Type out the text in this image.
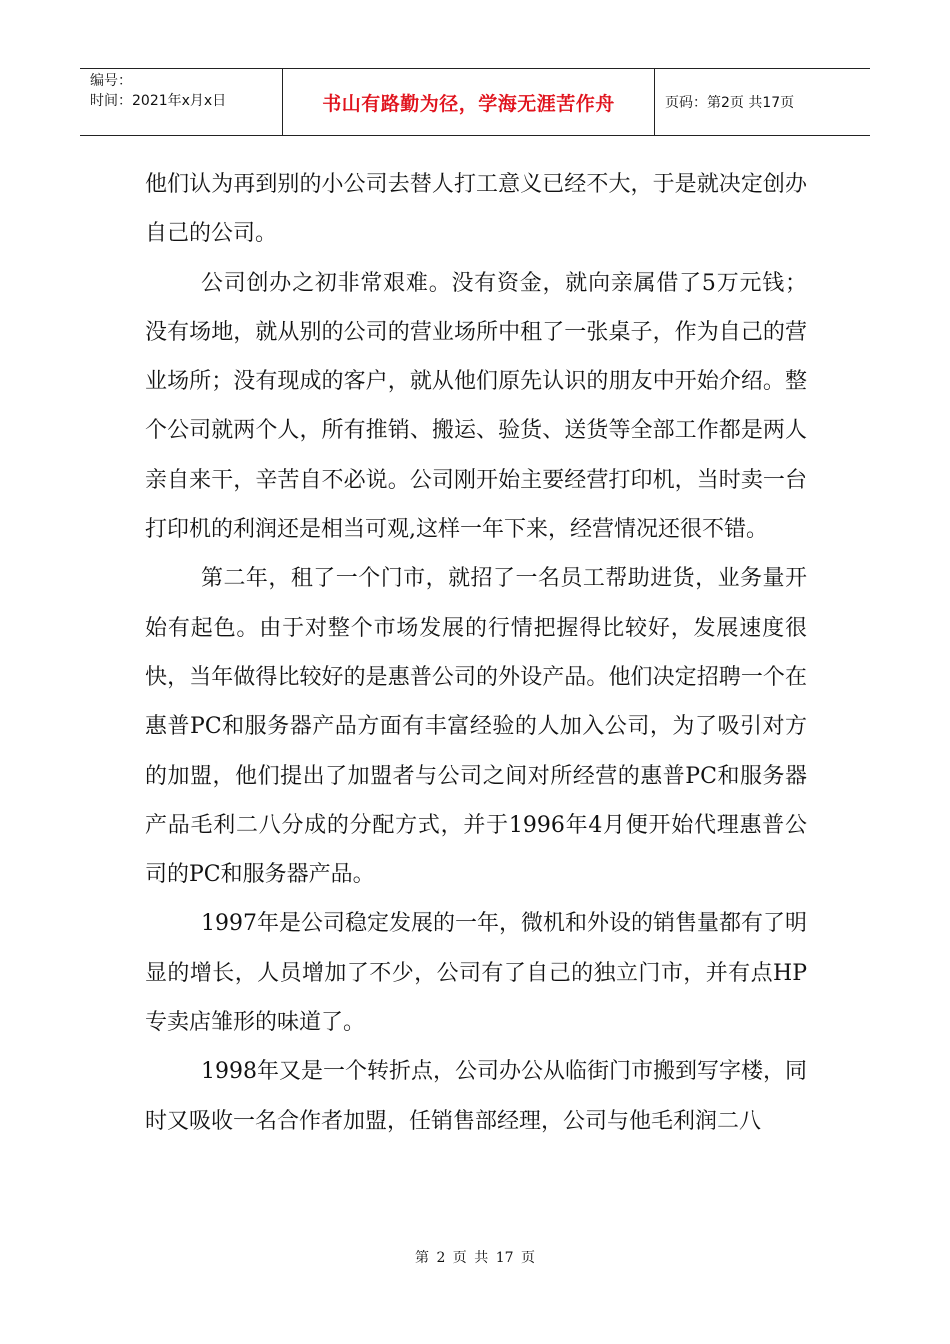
编号：
时间：2021年x月x日	书山有路勤为径，学海无涯苦作舟	页码：第2页 共17页

他们认为再到别的小公司去替人打工意义已经不大，于是就决定创办自己的公司。

公司创办之初非常艰难。没有资金，就向亲属借了5万元钱；没有场地，就从别的公司的营业场所中租了一张桌子，作为自己的营业场所；没有现成的客户，就从他们原先认识的朋友中开始介绍。整个公司就两个人，所有推销、搬运、验货、送货等全部工作都是两人亲自来干，辛苦自不必说。公司刚开始主要经营打印机，当时卖一台打印机的利润还是相当可观,这样一年下来，经营情况还很不错。

第二年，租了一个门市，就招了一名员工帮助进货，业务量开始有起色。由于对整个市场发展的行情把握得比较好，发展速度很快，当年做得比较好的是惠普公司的外设产品。他们决定招聘一个在惠普PC和服务器产品方面有丰富经验的人加入公司，为了吸引对方的加盟，他们提出了加盟者与公司之间对所经营的惠普PC和服务器产品毛利二八分成的分配方式，并于1996年4月便开始代理惠普公司的PC和服务器产品。

1997年是公司稳定发展的一年，微机和外设的销售量都有了明显的增长，人员增加了不少，公司有了自己的独立门市，并有点HP专卖店雏形的味道了。

1998年又是一个转折点，公司办公从临街门市搬到写字楼，同时又吸收一名合作者加盟，任销售部经理，公司与他毛利润二八

第 2 页 共 17 页
